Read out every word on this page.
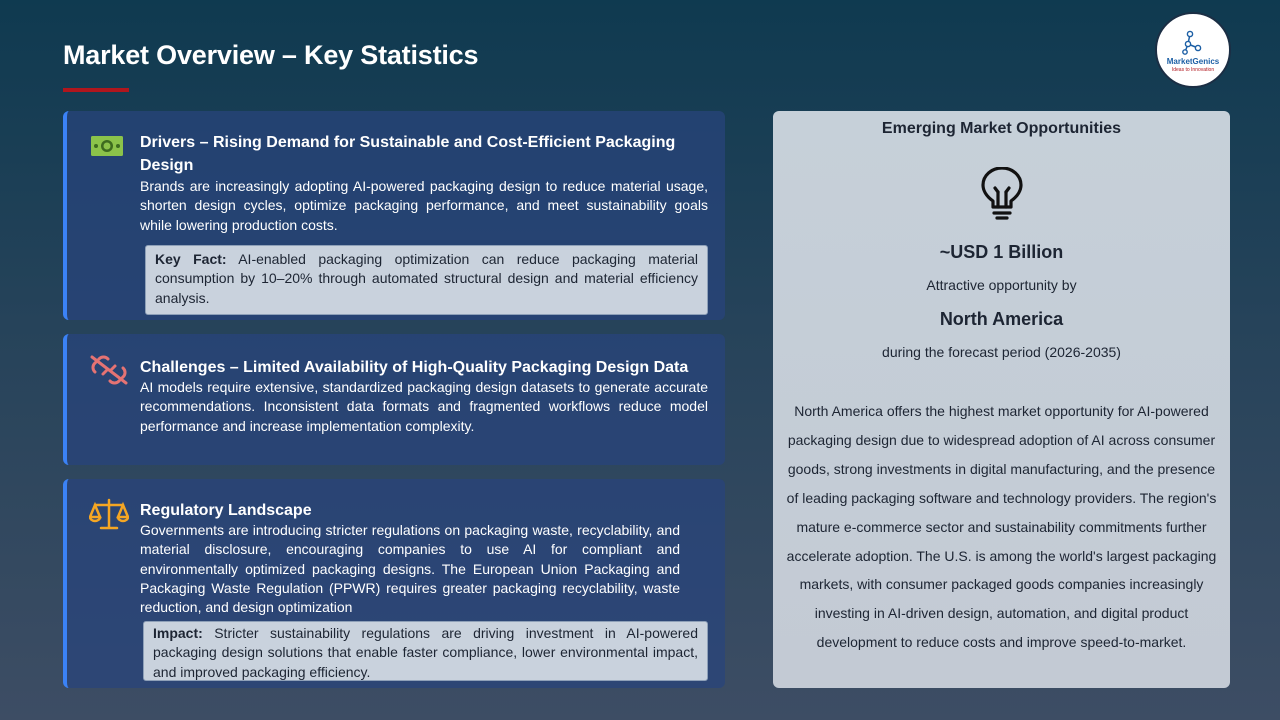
Market Overview – Key Statistics	MarketGenics
Ideas to Innovation
Drivers – Rising Demand for Sustainable and Cost-Efficient Packaging Design
Brands are increasingly adopting AI-powered packaging design to reduce material usage, shorten design cycles, optimize packaging performance, and meet sustainability goals while lowering production costs.
Key Fact: AI-enabled packaging optimization can reduce packaging material consumption by 10–20% through automated structural design and material efficiency analysis.
Challenges – Limited Availability of High-Quality Packaging Design Data
AI models require extensive, standardized packaging design datasets to generate accurate recommendations. Inconsistent data formats and fragmented workflows reduce model performance and increase implementation complexity.
Regulatory Landscape
Governments are introducing stricter regulations on packaging waste, recyclability, and material disclosure, encouraging companies to use AI for compliant and environmentally optimized packaging designs. The European Union Packaging and Packaging Waste Regulation (PPWR) requires greater packaging recyclability, waste reduction, and design optimization
Impact: Stricter sustainability regulations are driving investment in AI-powered packaging design solutions that enable faster compliance, lower environmental impact, and improved packaging efficiency.
Emerging Market Opportunities
~USD 1 Billion
Attractive opportunity by
North America
during the forecast period (2026-2035)
North America offers the highest market opportunity for AI-powered packaging design due to widespread adoption of AI across consumer goods, strong investments in digital manufacturing, and the presence of leading packaging software and technology providers. The region's mature e-commerce sector and sustainability commitments further accelerate adoption. The U.S. is among the world's largest packaging markets, with consumer packaged goods companies increasingly investing in AI-driven design, automation, and digital product development to reduce costs and improve speed-to-market.
